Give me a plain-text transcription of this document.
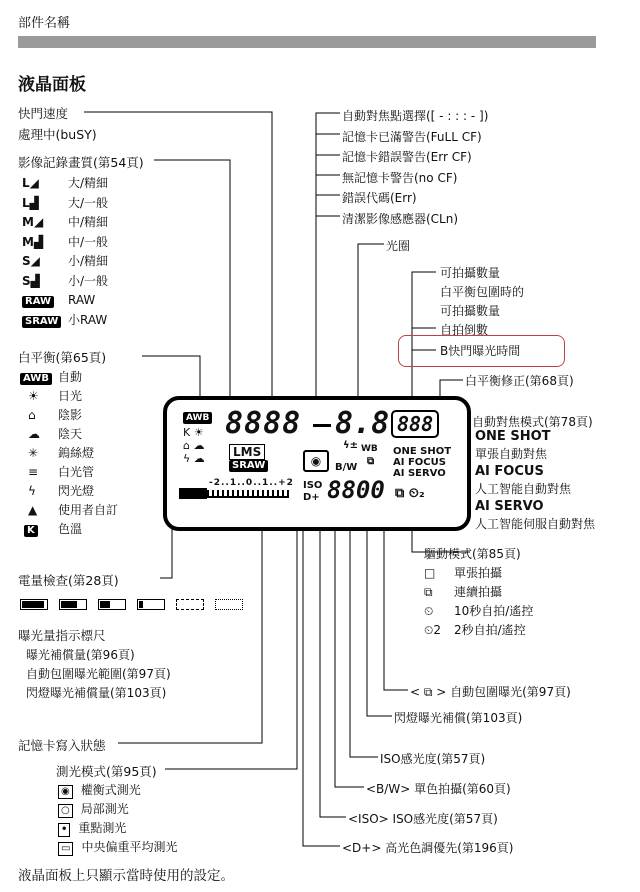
部件名稱
液晶面板
快門速度
處理中(buSY)
影像記錄畫質(第54頁)
L◢ 大/精細
L▟ 大/一般
M◢ 中/精細
M▟ 中/一般
S◢ 小/精細
S▟ 小/一般
RAW RAW
SRAW 小RAW
白平衡(第65頁)
AWB 自動
☀ 日光
⌂ 陰影
☁ 陰天
✳ 鎢絲燈
≡ 白光管
ϟ 閃光燈
▲ 使用者自訂
K 色溫
電量檢查(第28頁)

曝光量指示標尺
曝光補償量(第96頁)
自動包圍曝光範圍(第97頁)
閃燈曝光補償量(第103頁)
記憶卡寫入狀態
測光模式(第95頁)
◉ 權衡式測光
○ 局部測光
• 重點測光
▭ 中央偏重平均測光
液晶面板上只顯示當時使用的設定。
自動對焦點選擇([ - : : : - ])
記憶卡已滿警告(FuLL CF)
記憶卡錯誤警告(Err CF)
無記憶卡警告(no CF)
錯誤代碼(Err)
清潔影像感應器(CLn)
光圈
可拍攝數量
白平衡包圍時的
可拍攝數量
自拍倒數
B快門曝光時間
白平衡修正(第68頁)
自動對焦模式(第78頁)
ONE SHOT
單張自動對焦
AI FOCUS
人工智能自動對焦
AI SERVO
人工智能伺服自動對焦
驅動模式(第85頁)
□ 單張拍攝
⧉ 連續拍攝
⏲ 10秒自拍/遙控
⏲2 2秒自拍/遙控
< ⧉ > 自動包圍曝光(第97頁)
閃燈曝光補償(第103頁)
ISO感光度(第57頁)
<B/W> 單色拍攝(第60頁)
<ISO> ISO感光度(第57頁)
<D+> 高光色調優先(第196頁)
AWB
K ☀
⌂ ☁
ϟ ☁
8888 8.8 888
LMS
SRAW	◉
WB
ϟ±
⧉
ONE SHOT
AI FOCUS
AI SERVO
B/W
ISO
D+ 8800
-2..1..0..1..+2
⧉ ⏲₂
